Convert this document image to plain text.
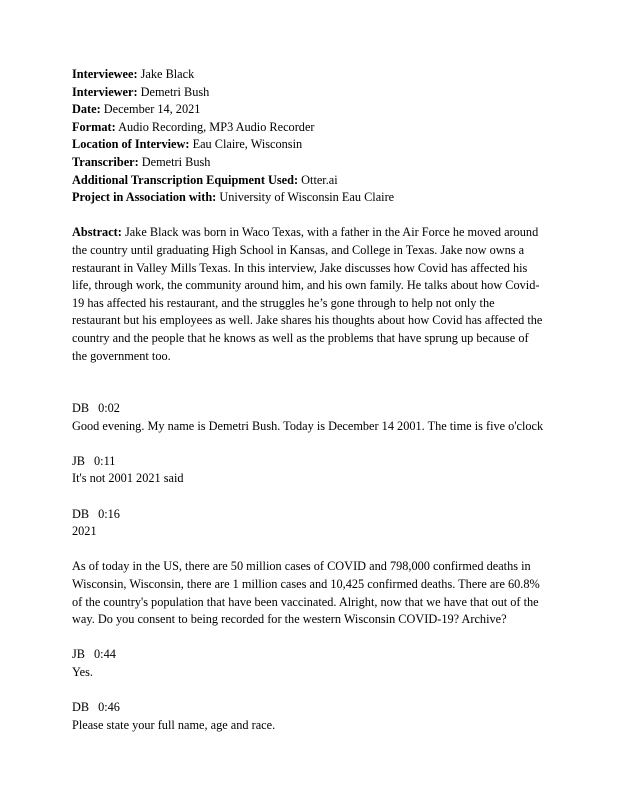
Interviewee: Jake Black
Interviewer: Demetri Bush
Date: December 14, 2021
Format: Audio Recording, MP3 Audio Recorder
Location of Interview: Eau Claire, Wisconsin
Transcriber: Demetri Bush
Additional Transcription Equipment Used: Otter.ai
Project in Association with: University of Wisconsin Eau Claire

Abstract: Jake Black was born in Waco Texas, with a father in the Air Force he moved around the country until graduating High School in Kansas, and College in Texas. Jake now owns a restaurant in Valley Mills Texas. In this interview, Jake discusses how Covid has affected his life, through work, the community around him, and his own family. He talks about how Covid-19 has affected his restaurant, and the struggles he’s gone through to help not only the restaurant but his employees as well. Jake shares his thoughts about how Covid has affected the country and the people that he knows as well as the problems that have sprung up because of the government too.

DB 0:02

Good evening. My name is Demetri Bush. Today is December 14 2001. The time is five o'clock

JB 0:11

It's not 2001 2021 said

DB 0:16

2021

As of today in the US, there are 50 million cases of COVID and 798,000 confirmed deaths in Wisconsin, Wisconsin, there are 1 million cases and 10,425 confirmed deaths. There are 60.8% of the country's population that have been vaccinated. Alright, now that we have that out of the way. Do you consent to being recorded for the western Wisconsin COVID-19? Archive?

JB 0:44

Yes.

DB 0:46

Please state your full name, age and race.
